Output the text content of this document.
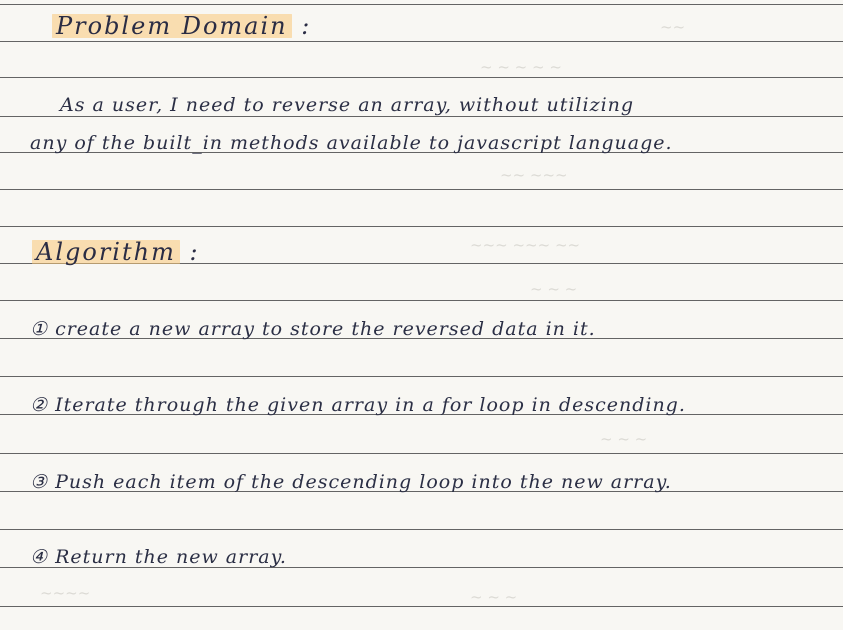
~~
~ ~ ~ ~ ~
~~ ~~~
~~~ ~~~ ~~
~ ~ ~
~ ~ ~
~~~~	~ ~ ~
Problem Domain :
As a user, I need to reverse an array, without utilizing
any of the built_in methods available to javascript language.
Algorithm :
① create a new array to store the reversed data in it.
② Iterate through the given array in a for loop in descending.
③ Push each item of the descending loop into the new array.
④ Return the new array.
